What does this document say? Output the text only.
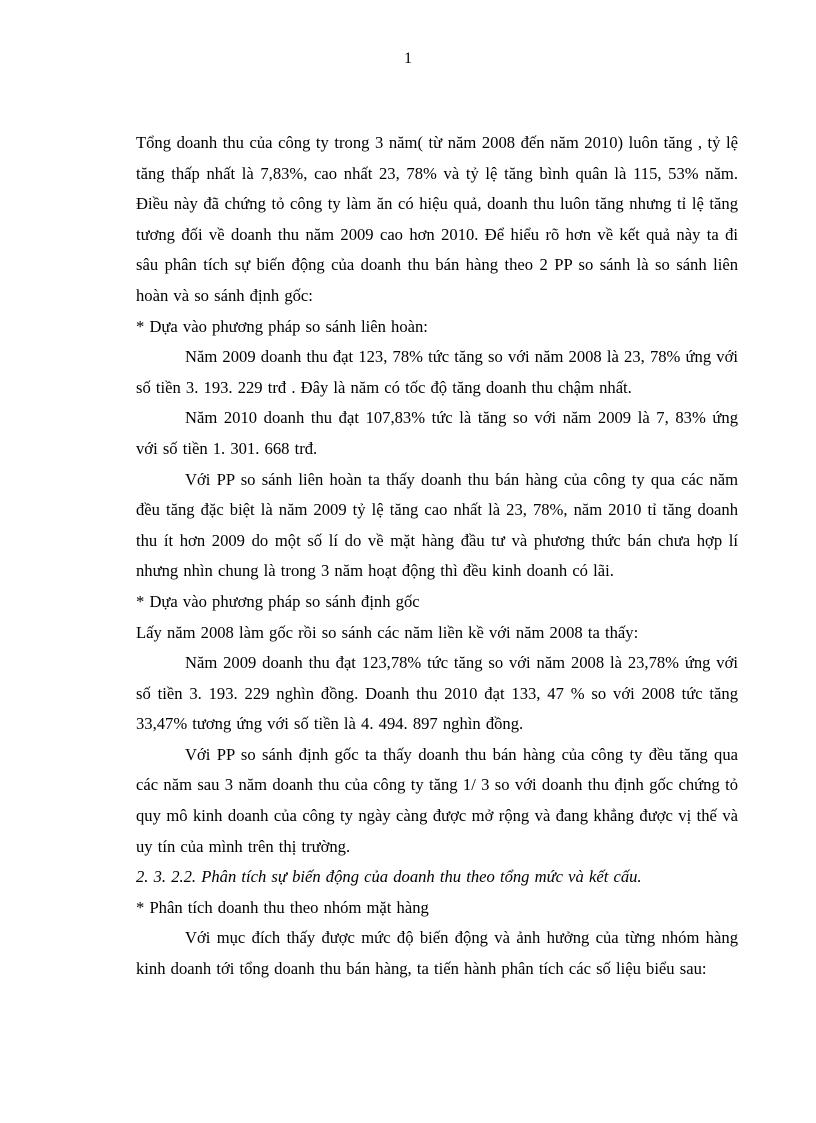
1

Tổng doanh thu của công ty trong 3 năm( từ năm 2008 đến năm 2010) luôn tăng , tỷ lệ tăng thấp nhất là 7,83%, cao nhất 23, 78% và tỷ lệ tăng bình quân là 115, 53% năm. Điều này đã chứng tỏ công ty làm ăn có hiệu quả, doanh thu luôn tăng nhưng tỉ lệ tăng tương đối về doanh thu năm 2009 cao hơn 2010. Để hiểu rõ hơn về kết quả này ta đi sâu phân tích sự biến động của doanh thu bán hàng theo 2 PP so sánh là so sánh liên hoàn và so sánh định gốc:

* Dựa vào phương pháp so sánh liên hoàn:

Năm 2009 doanh thu đạt 123, 78% tức tăng so với năm 2008 là 23, 78% ứng với số tiền 3. 193. 229 trđ . Đây là năm có tốc độ tăng doanh thu chậm nhất.

Năm 2010 doanh thu đạt 107,83% tức là tăng so với năm 2009 là 7, 83% ứng với số tiền 1. 301. 668 trđ.

Với PP so sánh liên hoàn ta thấy doanh thu bán hàng của công ty qua các năm đều tăng đặc biệt là năm 2009 tỷ lệ tăng cao nhất là 23, 78%, năm 2010 tỉ tăng doanh thu ít hơn 2009 do một số lí do về mặt hàng đầu tư và phương thức bán chưa hợp lí nhưng nhìn chung là trong 3 năm hoạt động thì đều kinh doanh có lãi.

* Dựa vào phương pháp so sánh định gốc

Lấy năm 2008 làm gốc rồi so sánh các năm liền kề với năm 2008 ta thấy:

Năm 2009 doanh thu đạt 123,78% tức tăng so với năm 2008 là 23,78% ứng với số tiền 3. 193. 229 nghìn đồng. Doanh thu 2010 đạt 133, 47 % so với 2008 tức tăng 33,47% tương ứng với số tiền là 4. 494. 897 nghìn đồng.

Với PP so sánh định gốc ta thấy doanh thu bán hàng của công ty đều tăng qua các năm sau 3 năm doanh thu của công ty tăng 1/ 3 so với doanh thu định gốc chứng tỏ quy mô kinh doanh của công ty ngày càng được mở rộng và đang khẳng được vị thế và uy tín của mình trên thị trường.

2. 3. 2.2. Phân tích sự biến động của doanh thu theo tổng mức và kết cấu.

* Phân tích doanh thu theo nhóm mặt hàng

Với mục đích thấy được mức độ biến động và ảnh hưởng của từng nhóm hàng kinh doanh tới tổng doanh thu bán hàng, ta tiến hành phân tích các số liệu biểu sau:
